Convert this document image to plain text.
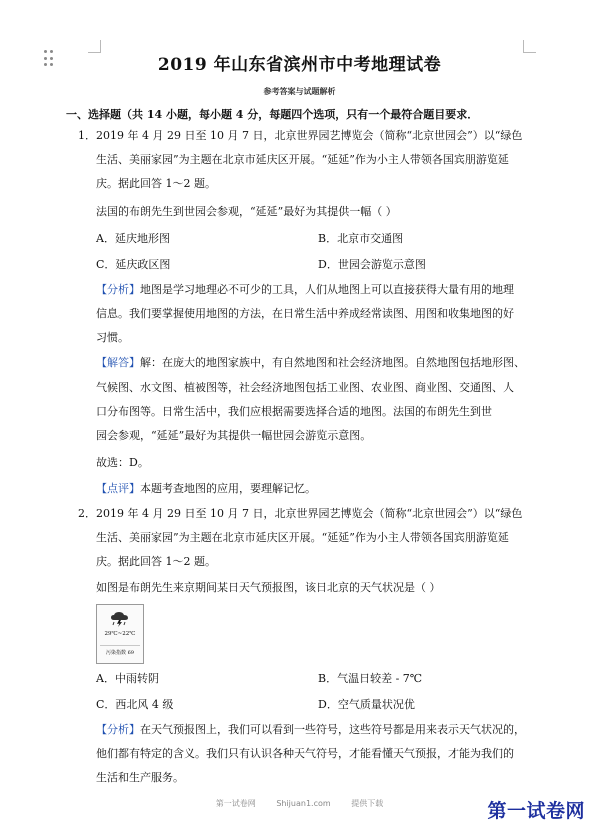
2019 年山东省滨州市中考地理试卷
参考答案与试题解析
一、选择题（共 14 小题，每小题 4 分，每题四个选项，只有一个最符合题目要求．
1．2019 年 4 月 29 日至 10 月 7 日，北京世界园艺博览会（简称“北京世园会”）以“绿色
生活、美丽家园”为主题在北京市延庆区开展。“延延”作为小主人带领各国宾朋游览延
庆。据此回答 1～2 题。
法国的布朗先生到世园会参观，“延延”最好为其提供一幅（ ）
A．延庆地形图	B．北京市交通图
C．延庆政区图	D．世园会游览示意图
【分析】地图是学习地理必不可少的工具，人们从地图上可以直接获得大量有用的地理
信息。我们要掌握使用地图的方法，在日常生活中养成经常读图、用图和收集地图的好
习惯。
【解答】解：在庞大的地图家族中，有自然地图和社会经济地图。自然地图包括地形图、
气候图、水文图、植被图等，社会经济地图包括工业图、农业图、商业图、交通图、人
口分布图等。日常生活中，我们应根据需要选择合适的地图。法国的布朗先生到世
园会参观，“延延”最好为其提供一幅世园会游览示意图。
故选：D。
【点评】本题考查地图的应用，要理解记忆。
2．2019 年 4 月 29 日至 10 月 7 日，北京世界园艺博览会（简称“北京世园会”）以“绿色
生活、美丽家园”为主题在北京市延庆区开展。“延延”作为小主人带领各国宾朋游览延
庆。据此回答 1～2 题。
如图是布朗先生来京期间某日天气预报图，该日北京的天气状况是（ ）
29℃~22℃
污染指数 69
A．中雨转阴	B．气温日较差 - 7℃
C．西北风 4 级	D．空气质量状况优
【分析】在天气预报图上，我们可以看到一些符号，这些符号都是用来表示天气状况的，
他们都有特定的含义。我们只有认识各种天气符号，才能看懂天气预报，才能为我们的
生活和生产服务。
第一试卷网	Shijuan1.com	提供下载	第一试卷网
